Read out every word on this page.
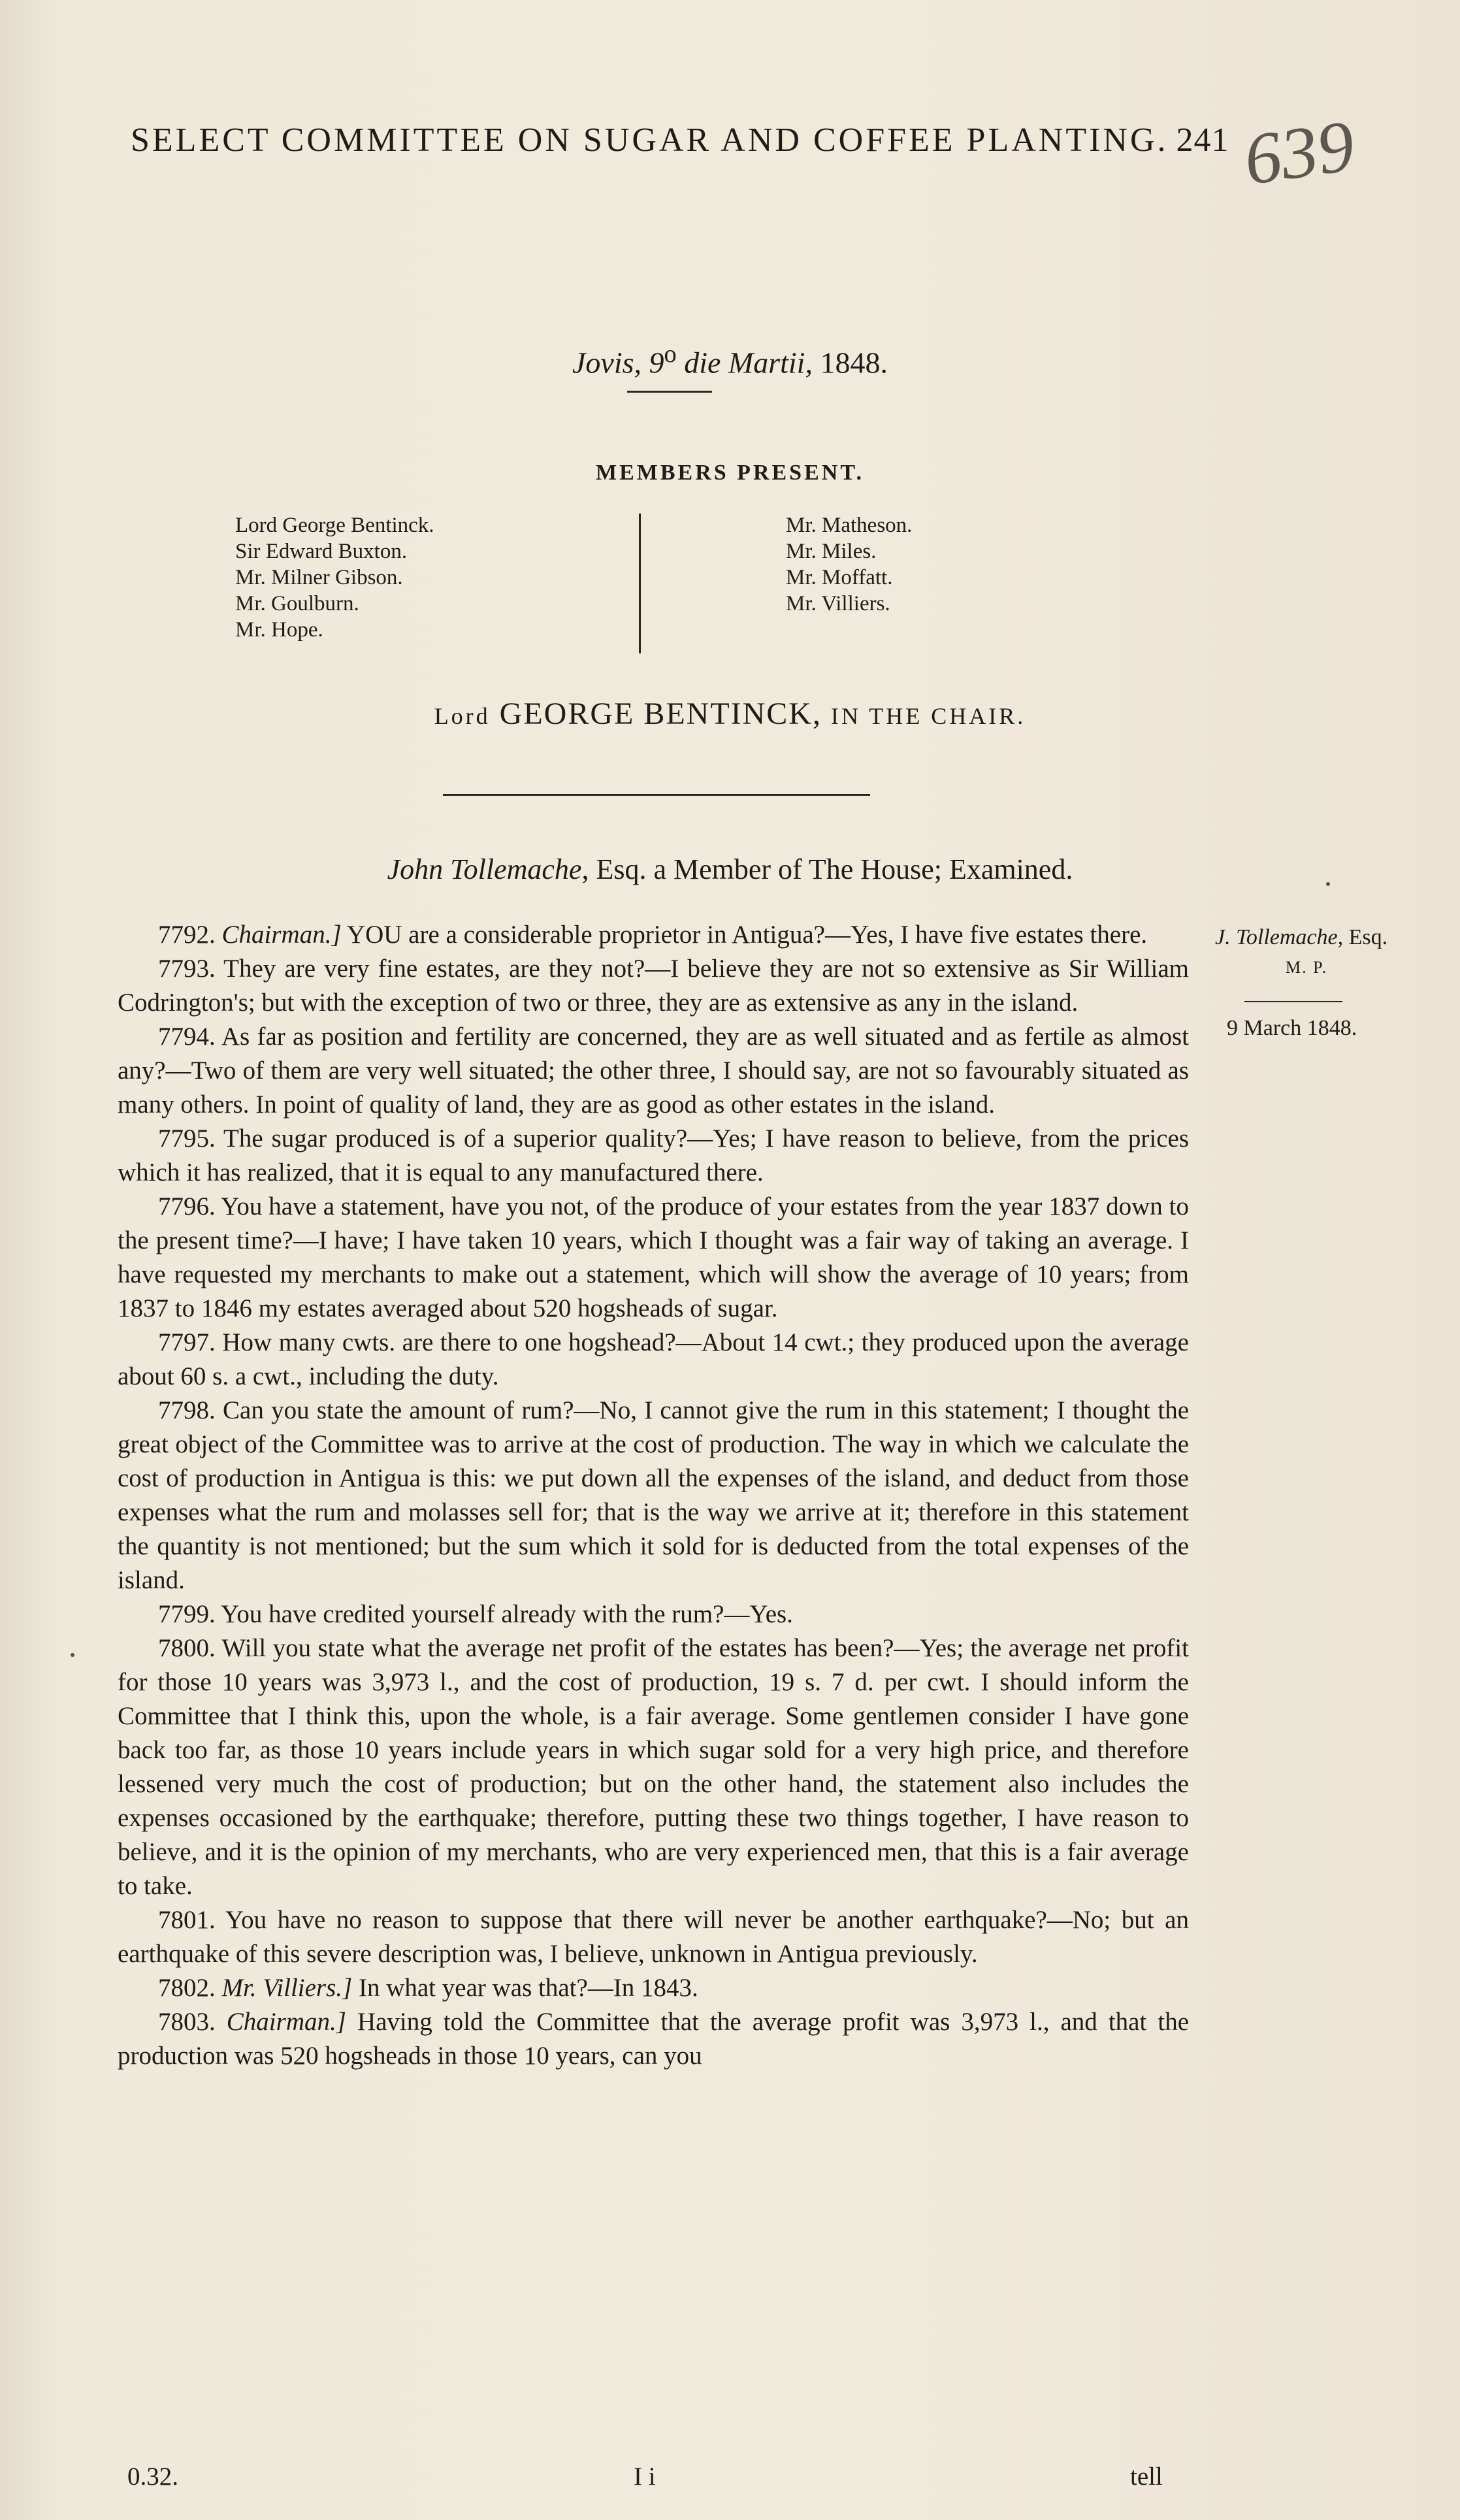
SELECT COMMITTEE ON SUGAR AND COFFEE PLANTING. 241 639
Jovis, 9$^o$ die Martii, 1848.
MEMBERS PRESENT.
Lord George Bentinck.
Sir Edward Buxton.
Mr. Milner Gibson.
Mr. Goulburn.
Mr. Hope.
Mr. Matheson.
Mr. Miles.
Mr. Moffatt.
Mr. Villiers.
Lord GEORGE BENTINCK, IN THE CHAIR.
John Tollemache, Esq. a Member of The House; Examined.
J. Tollemache, Esq.
M. P.
9 March 1848.

7792. Chairman.] YOU are a considerable proprietor in Antigua?—Yes, I have five estates there.

7793. They are very fine estates, are they not?—I believe they are not so extensive as Sir William Codrington's; but with the exception of two or three, they are as extensive as any in the island.

7794. As far as position and fertility are concerned, they are as well situated and as fertile as almost any?—Two of them are very well situated; the other three, I should say, are not so favourably situated as many others. In point of quality of land, they are as good as other estates in the island.

7795. The sugar produced is of a superior quality?—Yes; I have reason to believe, from the prices which it has realized, that it is equal to any manufactured there.

7796. You have a statement, have you not, of the produce of your estates from the year 1837 down to the present time?—I have; I have taken 10 years, which I thought was a fair way of taking an average. I have requested my merchants to make out a statement, which will show the average of 10 years; from 1837 to 1846 my estates averaged about 520 hogsheads of sugar.

7797. How many cwts. are there to one hogshead?—About 14 cwt.; they produced upon the average about 60 s. a cwt., including the duty.

7798. Can you state the amount of rum?—No, I cannot give the rum in this statement; I thought the great object of the Committee was to arrive at the cost of production. The way in which we calculate the cost of production in Antigua is this: we put down all the expenses of the island, and deduct from those expenses what the rum and molasses sell for; that is the way we arrive at it; therefore in this statement the quantity is not mentioned; but the sum which it sold for is deducted from the total expenses of the island.

7799. You have credited yourself already with the rum?—Yes.

7800. Will you state what the average net profit of the estates has been?—Yes; the average net profit for those 10 years was 3,973 l., and the cost of production, 19 s. 7 d. per cwt. I should inform the Committee that I think this, upon the whole, is a fair average. Some gentlemen consider I have gone back too far, as those 10 years include years in which sugar sold for a very high price, and therefore lessened very much the cost of production; but on the other hand, the statement also includes the expenses occasioned by the earthquake; therefore, putting these two things together, I have reason to believe, and it is the opinion of my merchants, who are very experienced men, that this is a fair average to take.

7801. You have no reason to suppose that there will never be another earthquake?—No; but an earthquake of this severe description was, I believe, unknown in Antigua previously.

7802. Mr. Villiers.] In what year was that?—In 1843.

7803. Chairman.] Having told the Committee that the average profit was 3,973 l., and that the production was 520 hogsheads in those 10 years, can you

0.32.	I i	tell
